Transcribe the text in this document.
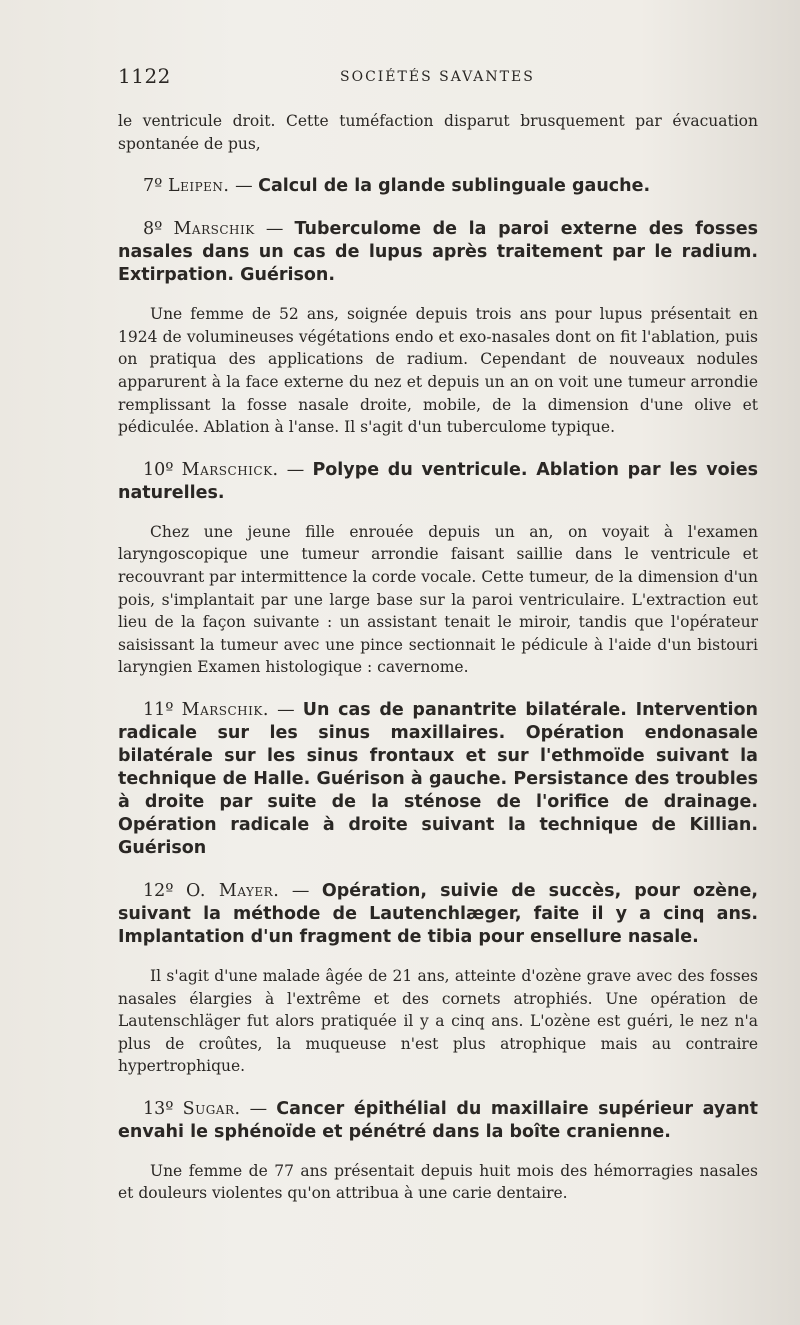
1122	SOCIÉTÉS SAVANTES

le ventricule droit. Cette tuméfaction disparut brusquement par évacuation spontanée de pus,

7º Leipen. — Calcul de la glande sublinguale gauche.

8º Marschik — Tuberculome de la paroi externe des fosses nasales dans un cas de lupus après traitement par le radium. Extirpation. Guérison.

Une femme de 52 ans, soignée depuis trois ans pour lupus présentait en 1924 de volumineuses végétations endo et exo-nasales dont on fit l'ablation, puis on pratiqua des applications de radium. Cependant de nouveaux nodules apparurent à la face externe du nez et depuis un an on voit une tumeur arrondie remplissant la fosse nasale droite, mobile, de la dimension d'une olive et pédiculée. Ablation à l'anse. Il s'agit d'un tuberculome typique.

10º Marschick. — Polype du ventricule. Ablation par les voies naturelles.

Chez une jeune fille enrouée depuis un an, on voyait à l'examen laryngoscopique une tumeur arrondie faisant saillie dans le ventricule et recouvrant par intermittence la corde vocale. Cette tumeur, de la dimension d'un pois, s'implantait par une large base sur la paroi ventriculaire. L'extraction eut lieu de la façon suivante : un assistant tenait le miroir, tandis que l'opérateur saisissant la tumeur avec une pince sectionnait le pédicule à l'aide d'un bistouri laryngien Examen histologique : cavernome.

11º Marschik. — Un cas de panantrite bilatérale. Intervention radicale sur les sinus maxillaires. Opération endonasale bilatérale sur les sinus frontaux et sur l'ethmoïde suivant la technique de Halle. Guérison à gauche. Persistance des troubles à droite par suite de la sténose de l'orifice de drainage. Opération radicale à droite suivant la technique de Killian. Guérison

12º O. Mayer. — Opération, suivie de succès, pour ozène, suivant la méthode de Lautenchlæger, faite il y a cinq ans. Implantation d'un fragment de tibia pour ensellure nasale.

Il s'agit d'une malade âgée de 21 ans, atteinte d'ozène grave avec des fosses nasales élargies à l'extrême et des cornets atrophiés. Une opération de Lautenschläger fut alors pratiquée il y a cinq ans. L'ozène est guéri, le nez n'a plus de croûtes, la muqueuse n'est plus atrophique mais au contraire hypertrophique.

13º Sugar. — Cancer épithélial du maxillaire supérieur ayant envahi le sphénoïde et pénétré dans la boîte cranienne.

Une femme de 77 ans présentait depuis huit mois des hémorragies nasales et douleurs violentes qu'on attribua à une carie dentaire.
